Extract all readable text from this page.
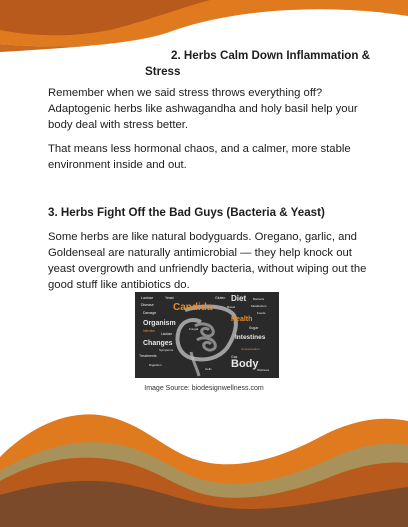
2. Herbs Calm Down Inflammation & Stress
Remember when we said stress throws everything off? Adaptogenic herbs like ashwagandha and holy basil help your body deal with stress better.
That means less hormonal chaos, and a calmer, more stable environment inside and out.
3. Herbs Fight Off the Bad Guys (Bacteria & Yeast)
Some herbs are like natural bodyguards. Oregano, garlic, and Goldenseal are naturally antimicrobial — they help knock out yeast overgrowth and unfriendly bacteria, without wiping out the good stuff like antibiotics do.
Lactose	Yeast	Gluten Diet Bacteria
Disease Candida	Bowel	Metabolism
Damage	Foods
Health
Organism
Infection
Lactase
Sugar
Intestines
Changes
Symptoms	Concentration
Treatments	Gas
Body
Digestion
Cells
Fungal
Wellness
Image Source: biodesignwellness.com
